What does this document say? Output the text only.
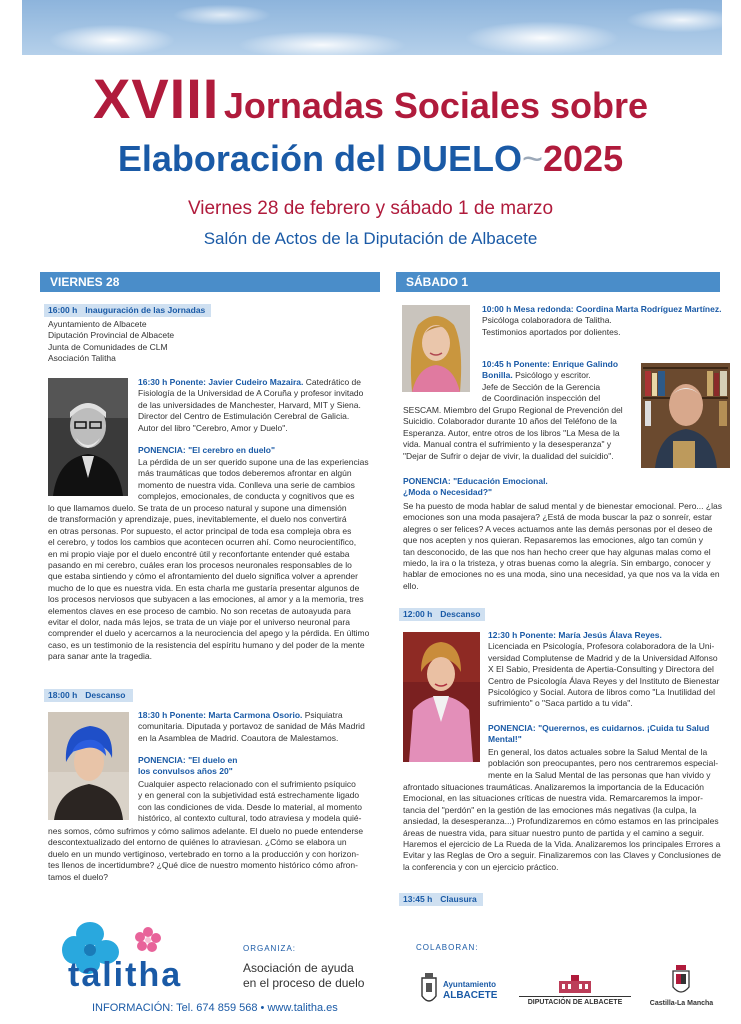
XVIII Jornadas Sociales sobre
Elaboración del DUELO~2025
Viernes 28 de febrero y sábado 1 de marzo
Salón de Actos de la Diputación de Albacete
VIERNES 28
16:00 h Inauguración de las Jornadas
Ayuntamiento de Albacete
Diputación Provincial de Albacete
Junta de Comunidades de CLM
Asociación Talitha
16:30 h Ponente: Javier Cudeiro Mazaira. Catedrático de
Fisiología de la Universidad de A Coruña y profesor invitado
de las universidades de Manchester, Harvard, MIT y Siena.
Director del Centro de Estimulación Cerebral de Galicia.
Autor del libro "Cerebro, Amor y Duelo".
PONENCIA: "El cerebro en duelo"
La pérdida de un ser querido supone una de las experiencias
más traumáticas que todos deberemos afrontar en algún
momento de nuestra vida. Conlleva una serie de cambios
complejos, emocionales, de conducta y cognitivos que es
lo que llamamos duelo. Se trata de un proceso natural y supone una dimensión
de transformación y aprendizaje, pues, inevitablemente, el duelo nos convertirá
en otras personas. Por supuesto, el actor principal de toda esa compleja obra es
el cerebro, y todos los cambios que acontecen ocurren ahí. Como neurocientífico,
en mi propio viaje por el duelo encontré útil y reconfortante entender qué estaba
pasando en mi cerebro, cuáles eran los procesos neuronales responsables de lo
que estaba sintiendo y cómo el afrontamiento del duelo significa volver a aprender
mucho de lo que es nuestra vida. En esta charla me gustaría presentar algunos de
los procesos nerviosos que subyacen a las emociones, al amor y a la memoria, tres
elementos claves en ese proceso de cambio. No son recetas de autoayuda para
evitar el dolor, nada más lejos, se trata de un viaje por el universo neuronal para
comprender el duelo y acercarnos a la neurociencia del apego y la pérdida. En último
caso, es un testimonio de la resistencia del espíritu humano y del poder de la mente
para sanar ante la tragedia.
18:00 h Descanso
18:30 h Ponente: Marta Carmona Osorio. Psiquiatra
comunitaria. Diputada y portavoz de sanidad de Más Madrid
en la Asamblea de Madrid. Coautora de Malestamos.
PONENCIA: "El duelo en
los convulsos años 20"
Cualquier aspecto relacionado con el sufrimiento psíquico
y en general con la subjetividad está estrechamente ligado
con las condiciones de vida. Desde lo material, al momento
histórico, al contexto cultural, todo atraviesa y modela quié-
nes somos, cómo sufrimos y cómo salimos adelante. El duelo no puede entenderse
descontextualizado del entorno de quiénes lo atraviesan. ¿Cómo se elabora un
duelo en un mundo vertiginoso, vertebrado en torno a la producción y con horizon-
tes llenos de incertidumbre? ¿Qué dice de nuestro momento histórico cómo afron-
tamos el duelo?
SÁBADO 1
10:00 h Mesa redonda: Coordina Marta Rodríguez Martínez.
Psicóloga colaboradora de Talitha.
Testimonios aportados por dolientes.
10:45 h Ponente: Enrique Galindo
Bonilla. Psicólogo y escritor.
Jefe de Sección de la Gerencia
de Coordinación inspección del
SESCAM. Miembro del Grupo Regional de Prevención del
Suicidio. Colaborador durante 10 años del Teléfono de la
Esperanza. Autor, entre otros de los libros "La Mesa de la
vida. Manual contra el sufrimiento y la desesperanza" y
"Dejar de Sufrir o dejar de vivir, la dualidad del suicidio".
PONENCIA: "Educación Emocional.
¿Moda o Necesidad?"
Se ha puesto de moda hablar de salud mental y de bienestar emocional. Pero... ¿las
emociones son una moda pasajera? ¿Está de moda buscar la paz o sonreír, estar
alegres o ser felices? A veces actuamos ante las demás personas por el deseo de
que nos acepten y nos quieran. Repasaremos las emociones, algo tan común y
tan desconocido, de las que nos han hecho creer que hay algunas malas como el
miedo, la ira o la tristeza, y otras buenas como la alegría. Sin embargo, conocer y
hablar de emociones no es una moda, sino una necesidad, ya que nos va la vida en
ello.
12:00 h Descanso
12:30 h Ponente: María Jesús Álava Reyes.
Licenciada en Psicología, Profesora colaboradora de la Uni-
versidad Complutense de Madrid y de la Universidad Alfonso
X El Sabio, Presidenta de Apertia-Consulting y Directora del
Centro de Psicología Álava Reyes y del Instituto de Bienestar
Psicológico y Social. Autora de libros como "La Inutilidad del
sufrimiento" o "Saca partido a tu vida".
PONENCIA: "Querernos, es cuidarnos. ¡Cuida tu Salud
Mental!"
En general, los datos actuales sobre la Salud Mental de la
población son preocupantes, pero nos centraremos especial-
mente en la Salud Mental de las personas que han vivido y
afrontado situaciones traumáticas. Analizaremos la importancia de la Educación
Emocional, en las situaciones críticas de nuestra vida. Remarcaremos la impor-
tancia del "perdón" en la gestión de las emociones más negativas (la culpa, la
ansiedad, la desesperanza...) Profundizaremos en cómo estamos en las principales
áreas de nuestra vida, para situar nuestro punto de partida y el camino a seguir.
Haremos el ejercicio de La Rueda de la Vida. Analizaremos los principales Errores a
Evitar y las Reglas de Oro a seguir. Finalizaremos con las Claves y Conclusiones de
la conferencia y con un ejercicio práctico.
13:45 h Clausura
talitha
ORGANIZA:
Asociación de ayuda
en el proceso de duelo
INFORMACIÓN: Tel. 674 859 568 • www.talitha.es
COLABORAN:
Ayuntamiento
ALBACETE
DIPUTACIÓN DE ALBACETE	Castilla-La Mancha
